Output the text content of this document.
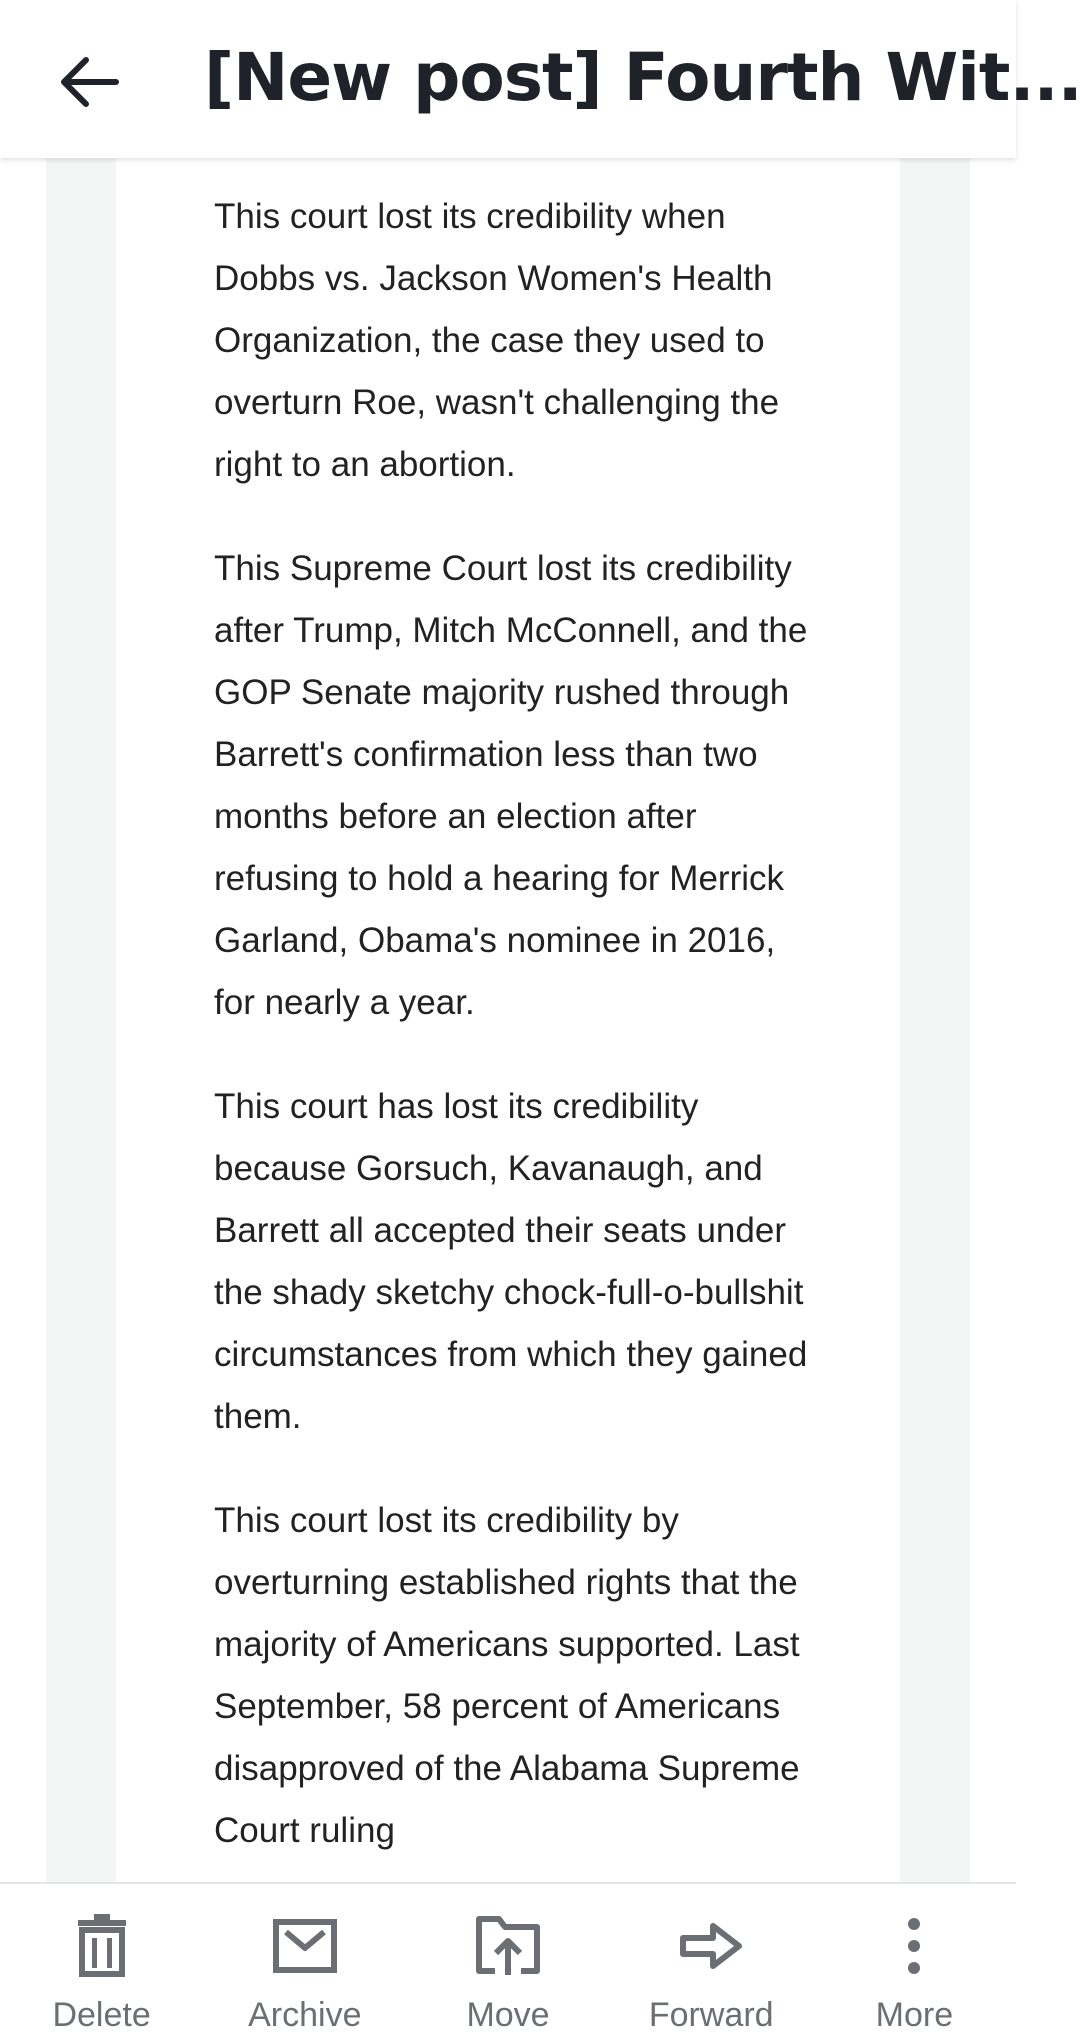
[New post] Fourth Wit...

This court lost its credibility when Dobbs vs. Jackson Women's Health Organization, the case they used to overturn Roe, wasn't challenging the right to an abortion.

This Supreme Court lost its credibility after Trump, Mitch McConnell, and the GOP Senate majority rushed through Barrett's confirmation less than two months before an election after refusing to hold a hearing for Merrick Garland, Obama's nominee in 2016, for nearly a year.

This court has lost its credibility because Gorsuch, Kavanaugh, and Barrett all accepted their seats under the shady sketchy chock-full-o-bullshit circumstances from which they gained them.

This court lost its credibility by overturning established rights that the majority of Americans supported. Last September, 58 percent of Americans disapproved of the Alabama Supreme Court ruling

Delete	Archive	Move	Forward	More
